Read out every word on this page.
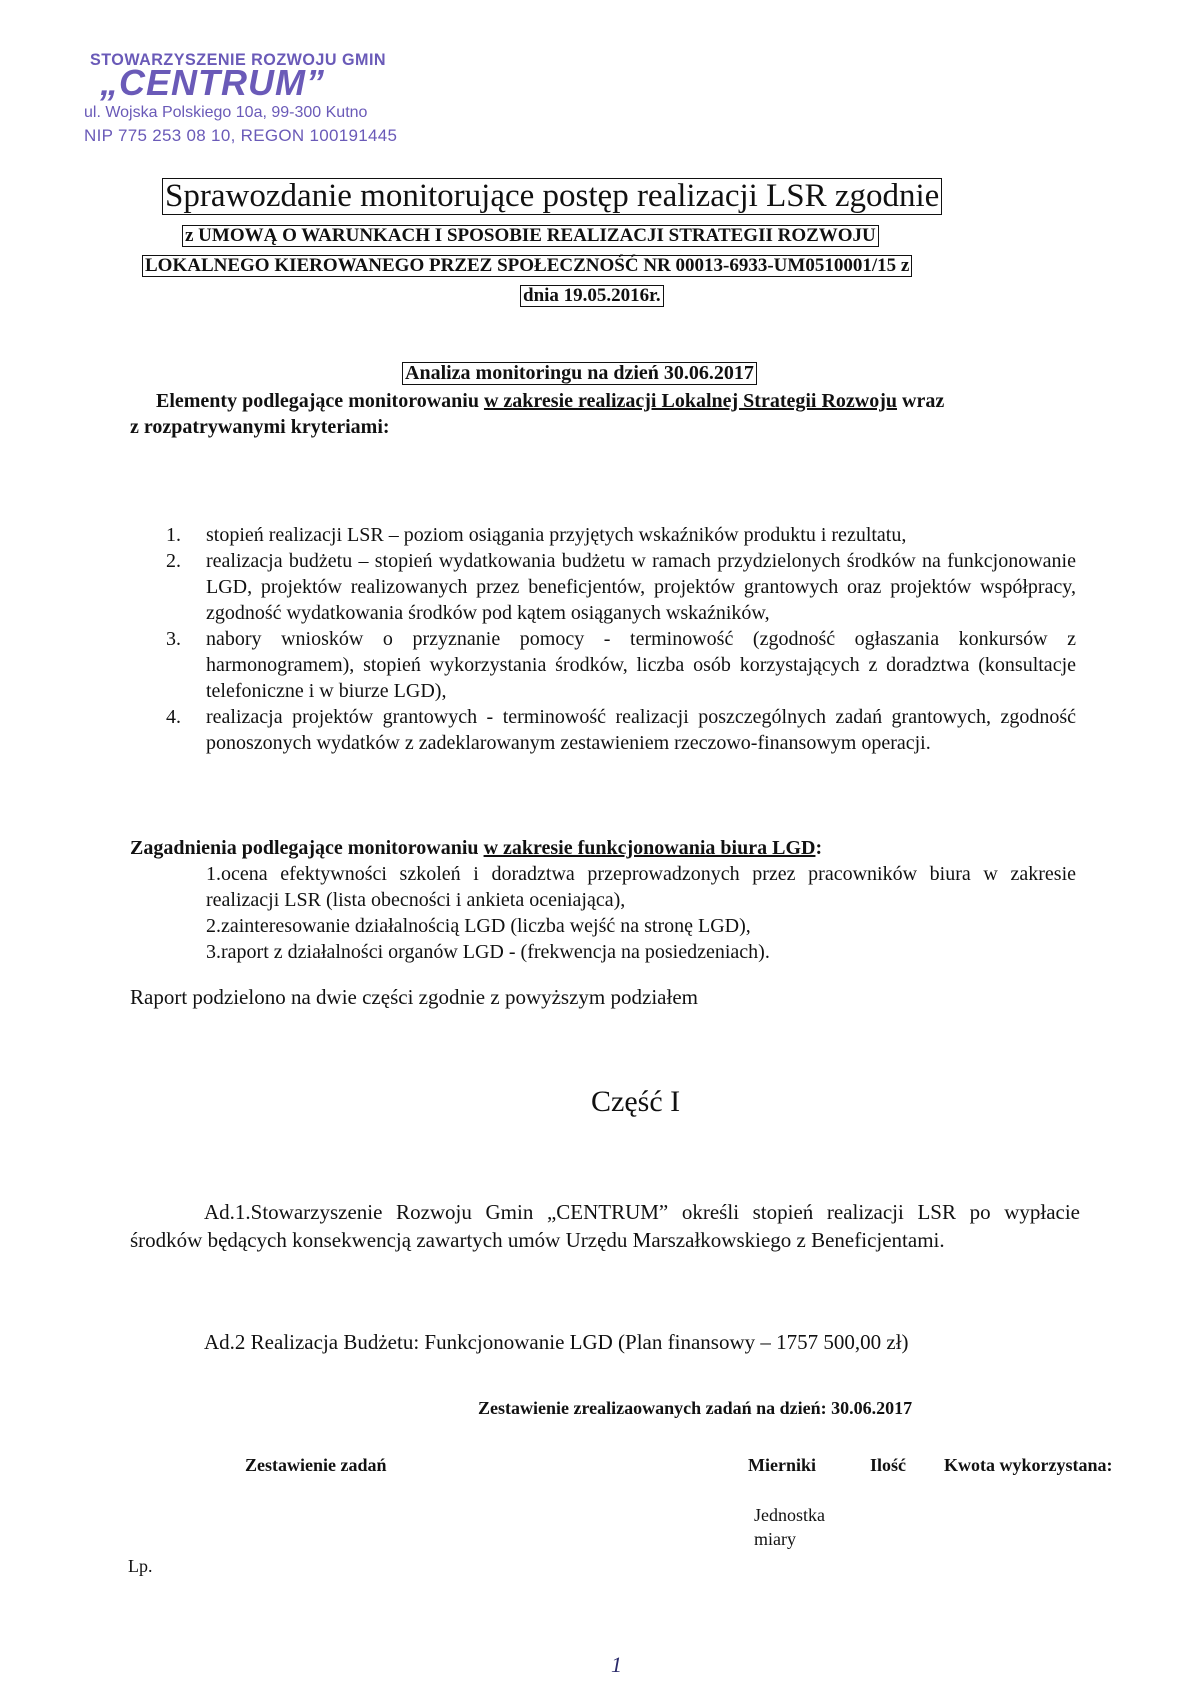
STOWARZYSZENIE ROZWOJU GMIN
„CENTRUM”
ul. Wojska Polskiego 10a, 99-300 Kutno
NIP 775 253 08 10, REGON 100191445
Sprawozdanie monitorujące postęp realizacji LSR zgodnie
z UMOWĄ O WARUNKACH I SPOSOBIE REALIZACJI STRATEGII ROZWOJU
LOKALNEGO KIEROWANEGO PRZEZ SPOŁECZNOŚĆ NR 00013-6933-UM0510001/15 z
dnia 19.05.2016r.
Analiza monitoringu na dzień 30.06.2017
Elementy podlegające monitorowaniu w zakresie realizacji Lokalnej Strategii Rozwoju wraz
z rozpatrywanymi kryteriami:
1. stopień realizacji LSR – poziom osiągania przyjętych wskaźników produktu i rezultatu,
2. realizacja budżetu – stopień wydatkowania budżetu w ramach przydzielonych środków na funkcjonowanie LGD, projektów realizowanych przez beneficjentów, projektów grantowych oraz projektów współpracy, zgodność wydatkowania środków pod kątem osiąganych wskaźników,
3. nabory wniosków o przyznanie pomocy - terminowość (zgodność ogłaszania konkursów z harmonogramem), stopień wykorzystania środków, liczba osób korzystających z doradztwa (konsultacje telefoniczne i w biurze LGD),
4. realizacja projektów grantowych - terminowość realizacji poszczególnych zadań grantowych, zgodność ponoszonych wydatków z zadeklarowanym zestawieniem rzeczowo-finansowym operacji.
Zagadnienia podlegające monitorowaniu w zakresie funkcjonowania biura LGD:
1.ocena efektywności szkoleń i doradztwa przeprowadzonych przez pracowników biura w zakresie realizacji LSR (lista obecności i ankieta oceniająca),
2.zainteresowanie działalnością LGD (liczba wejść na stronę LGD),
3.raport z działalności organów LGD - (frekwencja na posiedzeniach).
Raport podzielono na dwie części zgodnie z powyższym podziałem
Część I
Ad.1.Stowarzyszenie Rozwoju Gmin „CENTRUM” określi stopień realizacji LSR po wypłacie środków będących konsekwencją zawartych umów Urzędu Marszałkowskiego z Beneficjentami.
Ad.2 Realizacja Budżetu: Funkcjonowanie LGD (Plan finansowy – 1757 500,00 zł)
Zestawienie zrealizaowanych zadań na dzień: 30.06.2017
Zestawienie zadań	Mierniki	Ilość Kwota wykorzystana:
Jednostka
miary
Lp.
1
